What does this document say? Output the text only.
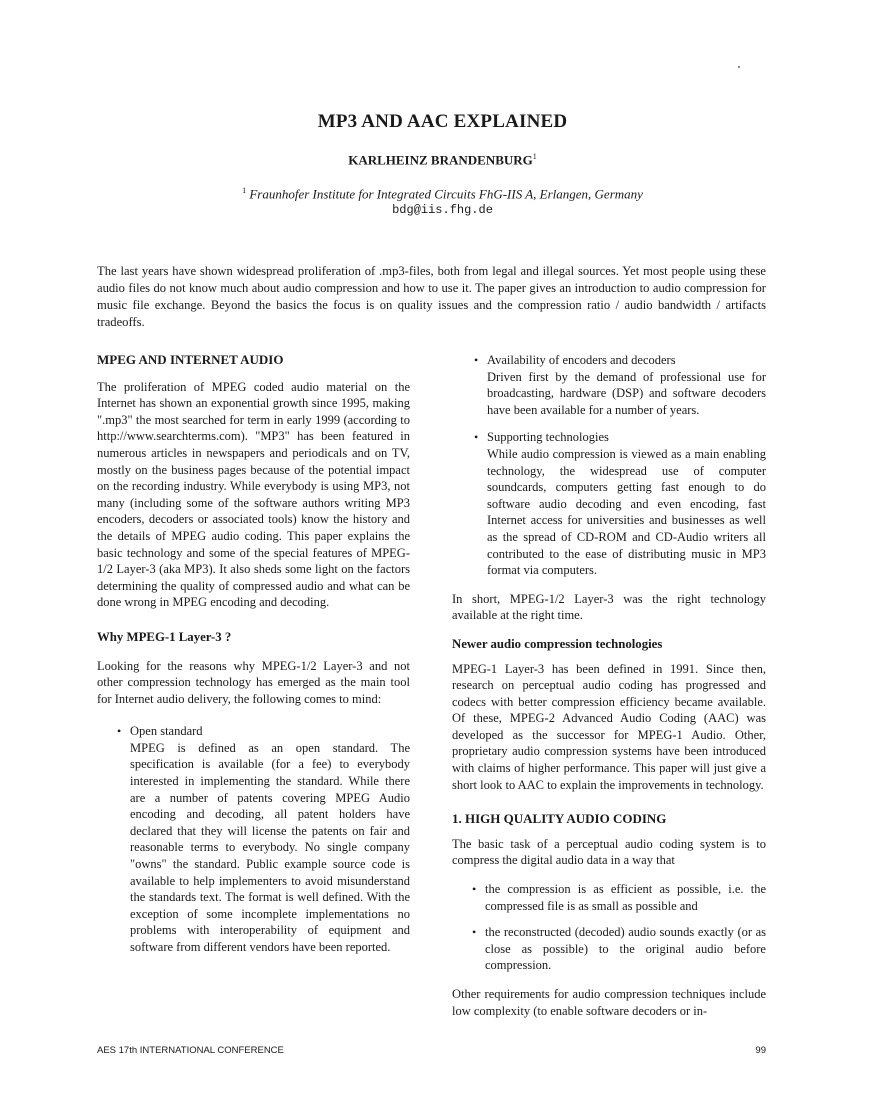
MP3 AND AAC EXPLAINED
KARLHEINZ BRANDENBURG$^1$
$^1$ Fraunhofer Institute for Integrated Circuits FhG-IIS A, Erlangen, Germany
bdg@iis.fhg.de

The last years have shown widespread proliferation of .mp3-files, both from legal and illegal sources. Yet most people using these audio files do not know much about audio compression and how to use it. The paper gives an introduction to audio compression for music file exchange. Beyond the basics the focus is on quality issues and the compression ratio / audio bandwidth / artifacts tradeoffs.

MPEG AND INTERNET AUDIO

The proliferation of MPEG coded audio material on the Internet has shown an exponential growth since 1995, making ".mp3" the most searched for term in early 1999 (according to http://www.searchterms.com). "MP3" has been featured in numerous articles in newspapers and periodicals and on TV, mostly on the business pages because of the potential impact on the recording industry. While everybody is using MP3, not many (including some of the software authors writing MP3 encoders, decoders or associated tools) know the history and the details of MPEG audio coding. This paper explains the basic technology and some of the special features of MPEG-1/2 Layer-3 (aka MP3). It also sheds some light on the factors determining the quality of compressed audio and what can be done wrong in MPEG encoding and decoding.

Why MPEG-1 Layer-3 ?

Looking for the reasons why MPEG-1/2 Layer-3 and not other compression technology has emerged as the main tool for Internet audio delivery, the following comes to mind:

• Open standard
MPEG is defined as an open standard. The specification is available (for a fee) to everybody interested in implementing the standard. While there are a number of patents covering MPEG Audio encoding and decoding, all patent holders have declared that they will license the patents on fair and reasonable terms to everybody. No single company "owns" the standard. Public example source code is available to help implementers to avoid misunderstand the standards text. The format is well defined. With the exception of some incomplete implementations no problems with interoperability of equipment and software from different vendors have been reported.
• Availability of encoders and decoders
Driven first by the demand of professional use for broadcasting, hardware (DSP) and software decoders have been available for a number of years.
• Supporting technologies
While audio compression is viewed as a main enabling technology, the widespread use of computer soundcards, computers getting fast enough to do software audio decoding and even encoding, fast Internet access for universities and businesses as well as the spread of CD-ROM and CD-Audio writers all contributed to the ease of distributing music in MP3 format via computers.

In short, MPEG-1/2 Layer-3 was the right technology available at the right time.

Newer audio compression technologies

MPEG-1 Layer-3 has been defined in 1991. Since then, research on perceptual audio coding has progressed and codecs with better compression efficiency became available. Of these, MPEG-2 Advanced Audio Coding (AAC) was developed as the successor for MPEG-1 Audio. Other, proprietary audio compression systems have been introduced with claims of higher performance. This paper will just give a short look to AAC to explain the improvements in technology.

1. HIGH QUALITY AUDIO CODING

The basic task of a perceptual audio coding system is to compress the digital audio data in a way that

• the compression is as efficient as possible, i.e. the compressed file is as small as possible and
• the reconstructed (decoded) audio sounds exactly (or as close as possible) to the original audio before compression.

Other requirements for audio compression techniques include low complexity (to enable software decoders or in-

AES 17th INTERNATIONAL CONFERENCE	99
